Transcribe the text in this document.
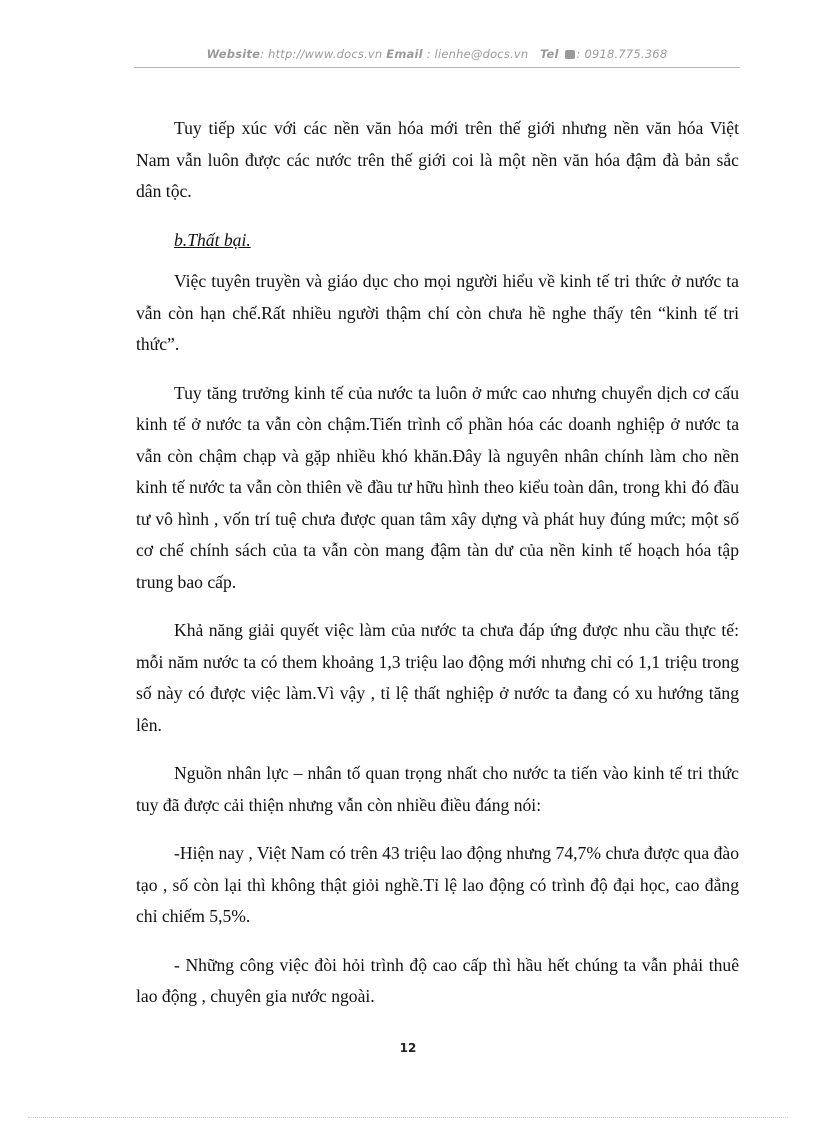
Website: http://www.docs.vn Email : lienhe@docs.vn Tel : 0918.775.368

Tuy tiếp xúc với các nền văn hóa mới trên thế giới nhưng nền văn hóa Việt Nam vẫn luôn được các nước trên thế giới coi là một nền văn hóa đậm đà bản sắc dân tộc.

b.Thất bại.

Việc tuyên truyền và giáo dục cho mọi người hiểu về kinh tế tri thức ở nước ta vẫn còn hạn chế.Rất nhiều người thậm chí còn chưa hề nghe thấy tên “kinh tế tri thức”.

Tuy tăng trưởng kinh tế của nước ta luôn ở mức cao nhưng chuyển dịch cơ cấu kinh tế ở nước ta vẫn còn chậm.Tiến trình cổ phần hóa các doanh nghiệp ở nước ta vẫn còn chậm chạp và gặp nhiều khó khăn.Đây là nguyên nhân chính làm cho nền kinh tế nước ta vẫn còn thiên về đầu tư hữu hình theo kiểu toàn dân, trong khi đó đầu tư vô hình , vốn trí tuệ chưa được quan tâm xây dựng và phát huy đúng mức; một số cơ chế chính sách của ta vẫn còn mang đậm tàn dư của nền kinh tế hoạch hóa tập trung bao cấp.

Khả năng giải quyết việc làm của nước ta chưa đáp ứng được nhu cầu thực tế: mỗi năm nước ta có them khoảng 1,3 triệu lao động mới nhưng chỉ có 1,1 triệu trong số này có được việc làm.Vì vậy , tỉ lệ thất nghiệp ở nước ta đang có xu hướng tăng lên.

Nguồn nhân lực – nhân tố quan trọng nhất cho nước ta tiến vào kinh tế tri thức tuy đã được cải thiện nhưng vẫn còn nhiều điều đáng nói:

-Hiện nay , Việt Nam có trên 43 triệu lao động nhưng 74,7% chưa được qua đào tạo , số còn lại thì không thật giỏi nghề.Tỉ lệ lao động có trình độ đại học, cao đẳng chỉ chiếm 5,5%.

- Những công việc đòi hỏi trình độ cao cấp thì hầu hết chúng ta vẫn phải thuê lao động , chuyên gia nước ngoài.

12
